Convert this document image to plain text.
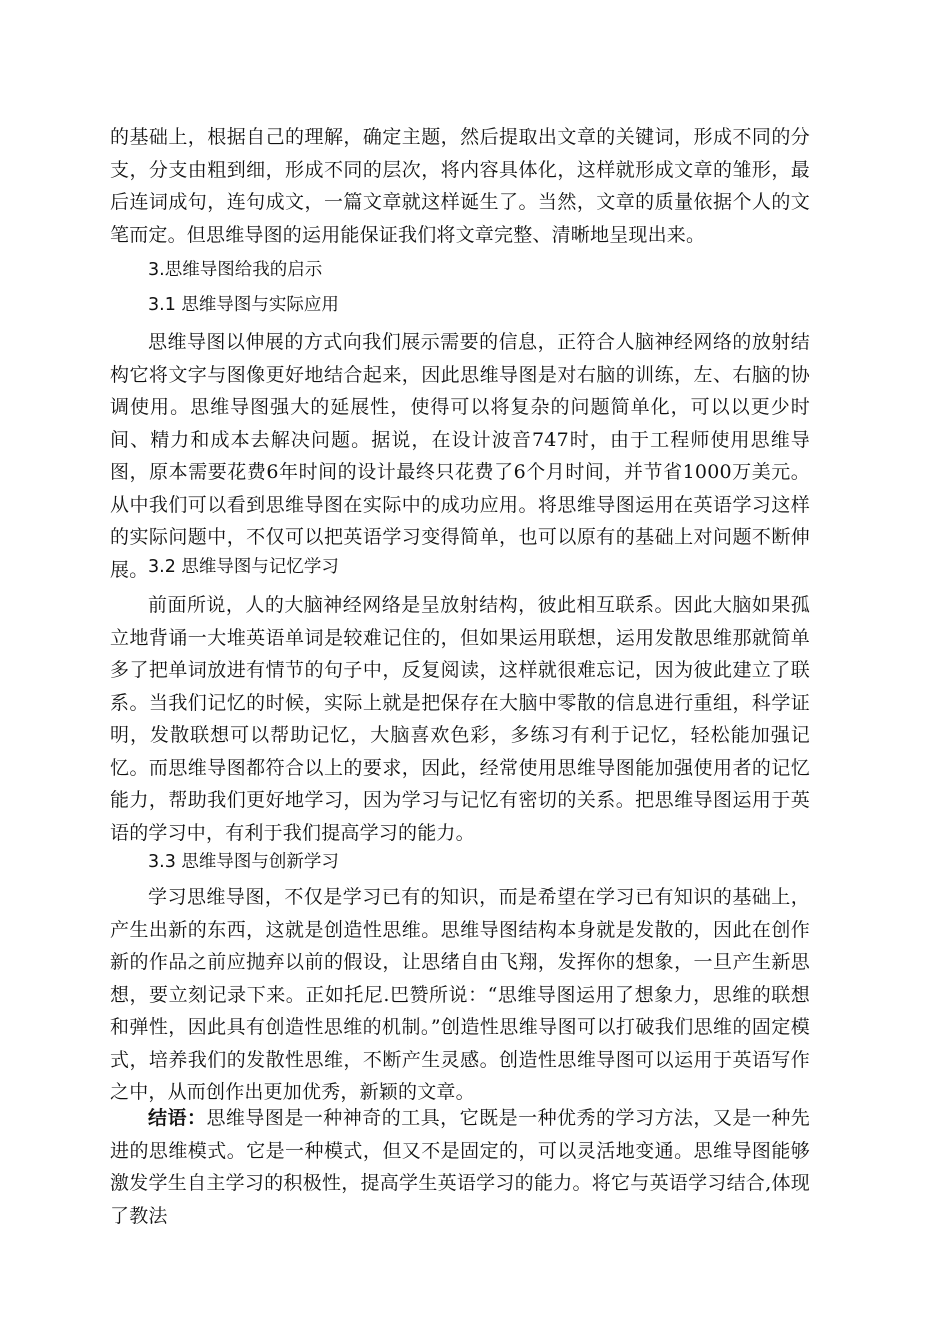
的基础上，根据自己的理解，确定主题，然后提取出文章的关键词，形成不同的分支，分支由粗到细，形成不同的层次，将内容具体化，这样就形成文章的雏形，最后连词成句，连句成文，一篇文章就这样诞生了。当然，文章的质量依据个人的文笔而定。但思维导图的运用能保证我们将文章完整、清晰地呈现出来。
3.思维导图给我的启示
3.1 思维导图与实际应用
思维导图以伸展的方式向我们展示需要的信息，正符合人脑神经网络的放射结构它将文字与图像更好地结合起来，因此思维导图是对右脑的训练，左、右脑的协调使用。思维导图强大的延展性，使得可以将复杂的问题简单化，可以以更少时间、精力和成本去解决问题。据说，在设计波音747时，由于工程师使用思维导图，原本需要花费6年时间的设计最终只花费了6个月时间，并节省1000万美元。从中我们可以看到思维导图在实际中的成功应用。将思维导图运用在英语学习这样的实际问题中，不仅可以把英语学习变得简单，也可以原有的基础上对问题不断伸展。 3.2 思维导图与记忆学习
前面所说，人的大脑神经网络是呈放射结构，彼此相互联系。因此大脑如果孤立地背诵一大堆英语单词是较难记住的，但如果运用联想，运用发散思维那就简单多了把单词放进有情节的句子中，反复阅读，这样就很难忘记，因为彼此建立了联系。当我们记忆的时候，实际上就是把保存在大脑中零散的信息进行重组，科学证明，发散联想可以帮助记忆，大脑喜欢色彩，多练习有利于记忆，轻松能加强记忆。而思维导图都符合以上的要求，因此，经常使用思维导图能加强使用者的记忆能力，帮助我们更好地学习，因为学习与记忆有密切的关系。把思维导图运用于英语的学习中，有利于我们提高学习的能力。
3.3 思维导图与创新学习
学习思维导图，不仅是学习已有的知识，而是希望在学习已有知识的基础上，产生出新的东西，这就是创造性思维。思维导图结构本身就是发散的，因此在创作新的作品之前应抛弃以前的假设，让思绪自由飞翔，发挥你的想象，一旦产生新思想，要立刻记录下来。正如托尼.巴赞所说：“思维导图运用了想象力，思维的联想和弹性，因此具有创造性思维的机制。”创造性思维导图可以打破我们思维的固定模式，培养我们的发散性思维，不断产生灵感。创造性思维导图可以运用于英语写作之中，从而创作出更加优秀，新颖的文章。
结语：思维导图是一种神奇的工具，它既是一种优秀的学习方法，又是一种先进的思维模式。它是一种模式，但又不是固定的，可以灵活地变通。思维导图能够激发学生自主学习的积极性，提高学生英语学习的能力。将它与英语学习结合,体现了教法
